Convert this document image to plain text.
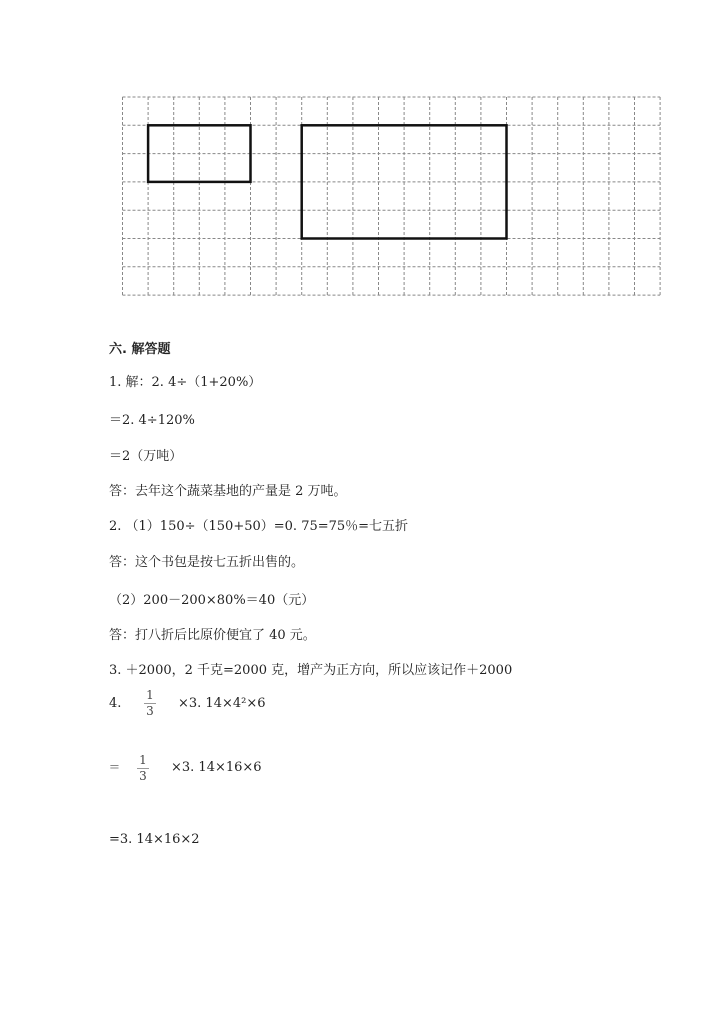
六. 解答题
1. 解：2. 4÷（1+20%）
＝2. 4÷120%
＝2（万吨）
答：去年这个蔬菜基地的产量是 2 万吨。
2. （1）150÷（150+50）=0. 75=75％=七五折
答：这个书包是按七五折出售的。
（2）200－200×80%＝40（元）
答：打八折后比原价便宜了 40 元。
3. ＋2000，2 千克=2000 克，增产为正方向，所以应该记作＋2000
4.
1
3 ×3. 14×4²×6
= 1
3
×3. 14×16×6
=3. 14×16×2
